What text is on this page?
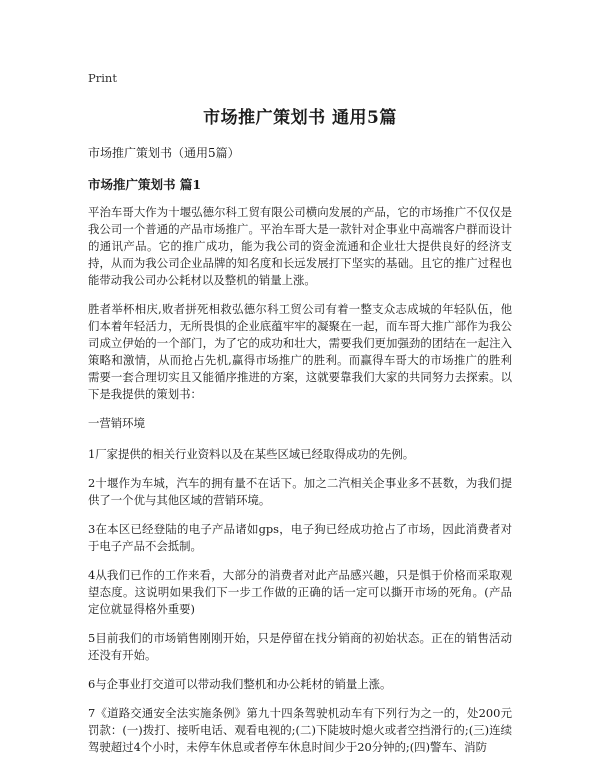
Print
市场推广策划书 通用5篇
市场推广策划书（通用5篇）
市场推广策划书 篇1

平治车哥大作为十堰弘德尔科工贸有限公司横向发展的产品，它的市场推广不仅仅是我公司一个普通的产品市场推广。平治车哥大是一款针对企事业中高端客户群而设计的通讯产品。它的推广成功，能为我公司的资金流通和企业壮大提供良好的经济支持，从而为我公司企业品牌的知名度和长远发展打下坚实的基础。且它的推广过程也能带动我公司办公耗材以及整机的销量上涨。

胜者举杯相庆,败者拼死相救弘德尔科工贸公司有着一整支众志成城的年轻队伍，他们本着年轻活力，无所畏惧的企业底蕴牢牢的凝聚在一起，而车哥大推广部作为我公司成立伊始的一个部门，为了它的成功和壮大，需要我们更加强劲的团结在一起注入策略和激情，从而抢占先机,赢得市场推广的胜利。而赢得车哥大的市场推广的胜利需要一套合理切实且又能循序推进的方案，这就要靠我们大家的共同努力去探索。以下是我提供的策划书：

一营销环境

1厂家提供的相关行业资料以及在某些区域已经取得成功的先例。

2十堰作为车城，汽车的拥有量不在话下。加之二汽相关企事业多不甚数，为我们提供了一个优与其他区域的营销环境。

3在本区已经登陆的电子产品诸如gps，电子狗已经成功抢占了市场，因此消费者对于电子产品不会抵制。

4从我们已作的工作来看，大部分的消费者对此产品感兴趣，只是惧于价格而采取观望态度。这说明如果我们下一步工作做的正确的话一定可以撕开市场的死角。(产品定位就显得格外重要)

5目前我们的市场销售刚刚开始，只是停留在找分销商的初始状态。正在的销售活动还没有开始。

6与企事业打交道可以带动我们整机和办公耗材的销量上涨。

7《道路交通安全法实施条例》第九十四条驾驶机动车有下列行为之一的，处200元罚款：(一)拨打、接听电话、观看电视的;(二)下陡坡时熄火或者空挡滑行的;(三)连续驾驶超过4个小时，未停车休息或者停车休息时间少于20分钟的;(四)警车、消防
